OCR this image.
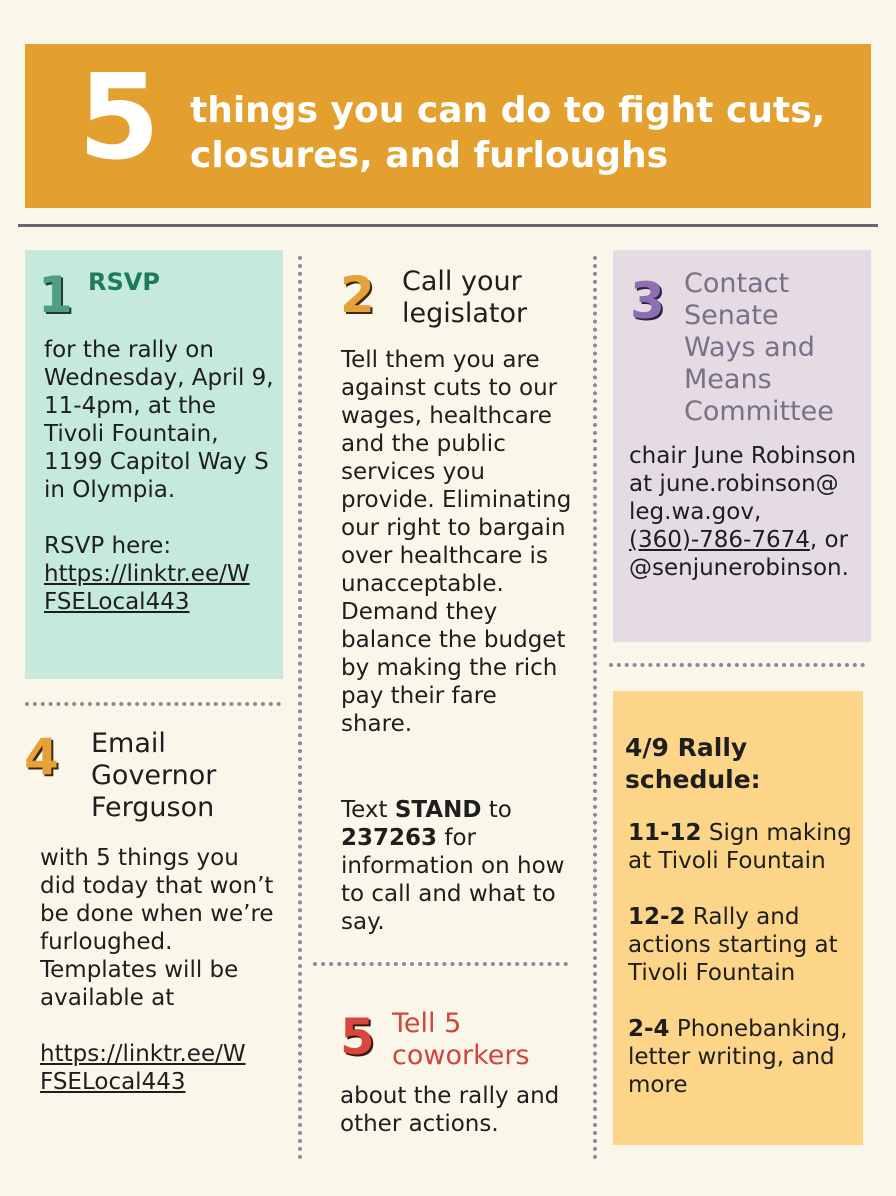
5 things you can do to fight cuts, closures, and furloughs
1 RSVP
for the rally on Wednesday, April 9, 11-4pm, at the Tivoli Fountain, 1199 Capitol Way S in Olympia.
RSVP here:
https://linktr.ee/WFSELocal443
2 Call your legislator
Tell them you are against cuts to our wages, healthcare and the public services you provide. Eliminating our right to bargain over healthcare is unacceptable. Demand they balance the budget by making the rich pay their fare share.
Text STAND to 237263 for information on how to call and what to say.
3 Contact Senate Ways and Means Committee
chair June Robinson at june.robinson@ leg.wa.gov, (360)-786-7674, or @senjunerobinson.
4 Email Governor Ferguson
with 5 things you did today that won’t be done when we’re furloughed. Templates will be available at
https://linktr.ee/WFSELocal443
5 Tell 5 coworkers
about the rally and other actions.
4/9 Rally schedule:

11-12 Sign making at Tivoli Fountain

12-2 Rally and actions starting at Tivoli Fountain

2-4 Phonebanking, letter writing, and more
